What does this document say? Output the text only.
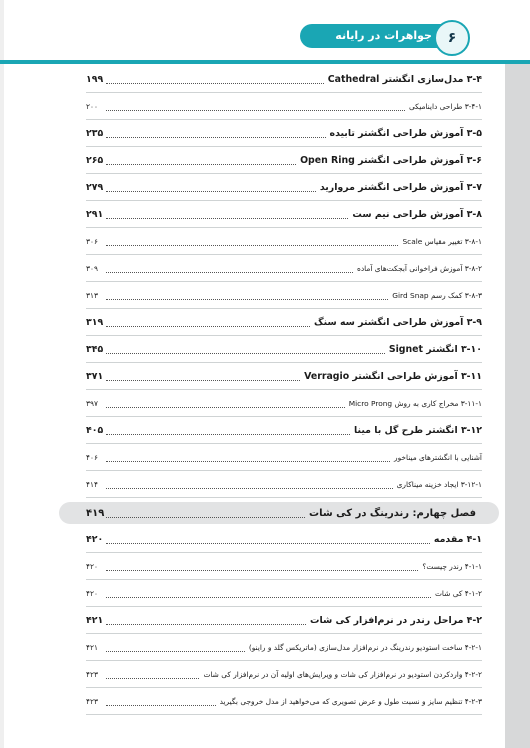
جواهرات در رایانه	۶
۳-۴ مدل‌سازی انگشتر Cathedral
۱۹۹
۳-۴-۱ طراحی داینامیکی
۲۰۰
۳-۵ آموزش طراحی انگشتر تابیده
۲۳۵
۳-۶ آموزش طراحی انگشتر Open Ring
۲۶۵
۳-۷ آموزش طراحی انگشتر مروارید
۲۷۹
۳-۸ آموزش طراحی نیم ست
۲۹۱
۳-۸-۱ تغییر مقیاس Scale
۳۰۶
۳-۸-۲ آموزش فراخوانی آبجکت‌های آماده
۳۰۹
۳-۸-۳ کمک رسم Gird Snap
۳۱۳
۳-۹ آموزش طراحی انگشتر سه سنگ
۳۱۹
۳-۱۰ انگشتر Signet
۳۴۵
۳-۱۱ آموزش طراحی انگشتر Verragio
۳۷۱
۳-۱۱-۱ مخراج کاری به روش Micro Prong
۳۹۷
۳-۱۲ انگشتر طرح گل با مینا
۴۰۵
آشنایی با انگشترهای میناخور
۴۰۶
۳-۱۲-۱ ایجاد خزینه میناکاری
۴۱۴
فصل چهارم: رندرینگ در کی شات
۴۱۹
۴-۱ مقدمه
۴۲۰
۴-۱-۱ رندر چیست؟
۴۲۰
۴-۱-۲ کی شات
۴۲۰
۴-۲ مراحل رندر در نرم‌افزار کی شات
۴۲۱
۴-۲-۱ ساخت استودیو رندرینگ در نرم‌افزار مدل‌سازی (ماتریکس گلد و راینو)
۴۲۱
۴-۲-۲ واردکردن استودیو در نرم‌افزار کی شات و ویرایش‌های اولیه آن در نرم‌افزار کی شات
۴۲۳
۴-۲-۳ تنظیم سایز و نسبت طول و عرض تصویری که می‌خواهید از مدل خروجی بگیرید
۴۲۳
